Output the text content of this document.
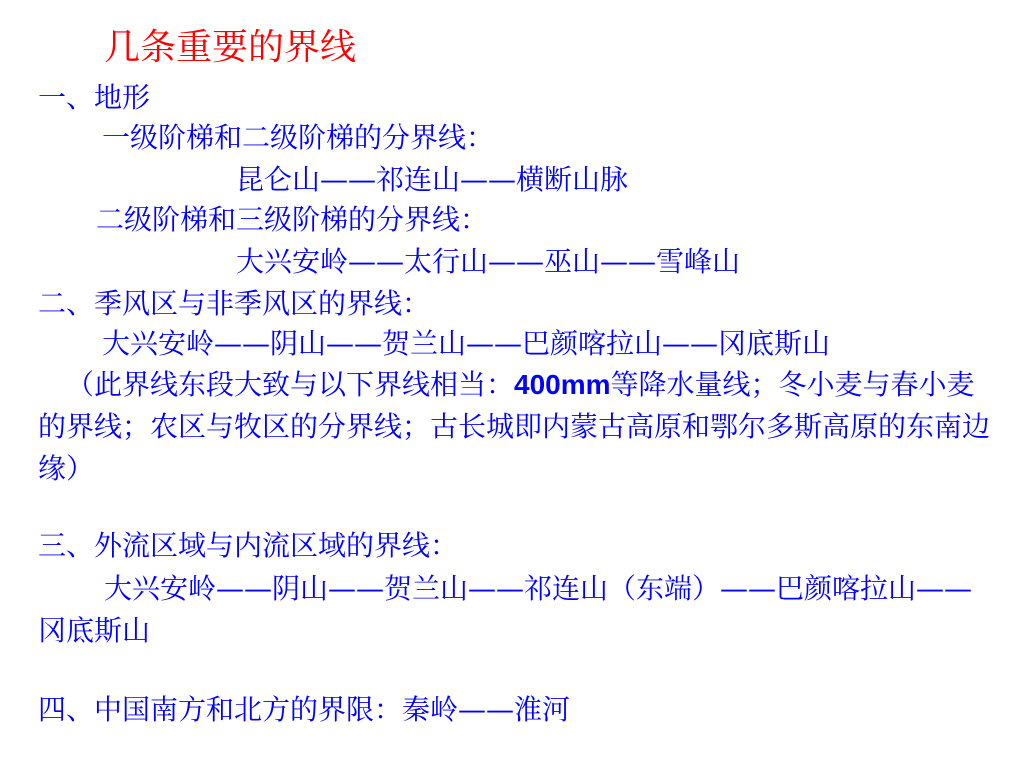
几条重要的界线
一、地形
一级阶梯和二级阶梯的分界线：
昆仑山——祁连山——横断山脉
二级阶梯和三级阶梯的分界线：
大兴安岭——太行山——巫山——雪峰山
二、季风区与非季风区的界线：
大兴安岭——阴山——贺兰山——巴颜喀拉山——冈底斯山
（此界线东段大致与以下界线相当：400mm等降水量线；冬小麦与春小麦的界线；农区与牧区的分界线；古长城即内蒙古高原和鄂尔多斯高原的东南边缘）
三、外流区域与内流区域的界线：
大兴安岭——阴山——贺兰山——祁连山（东端）——巴颜喀拉山——冈底斯山
四、中国南方和北方的界限：秦岭——淮河
